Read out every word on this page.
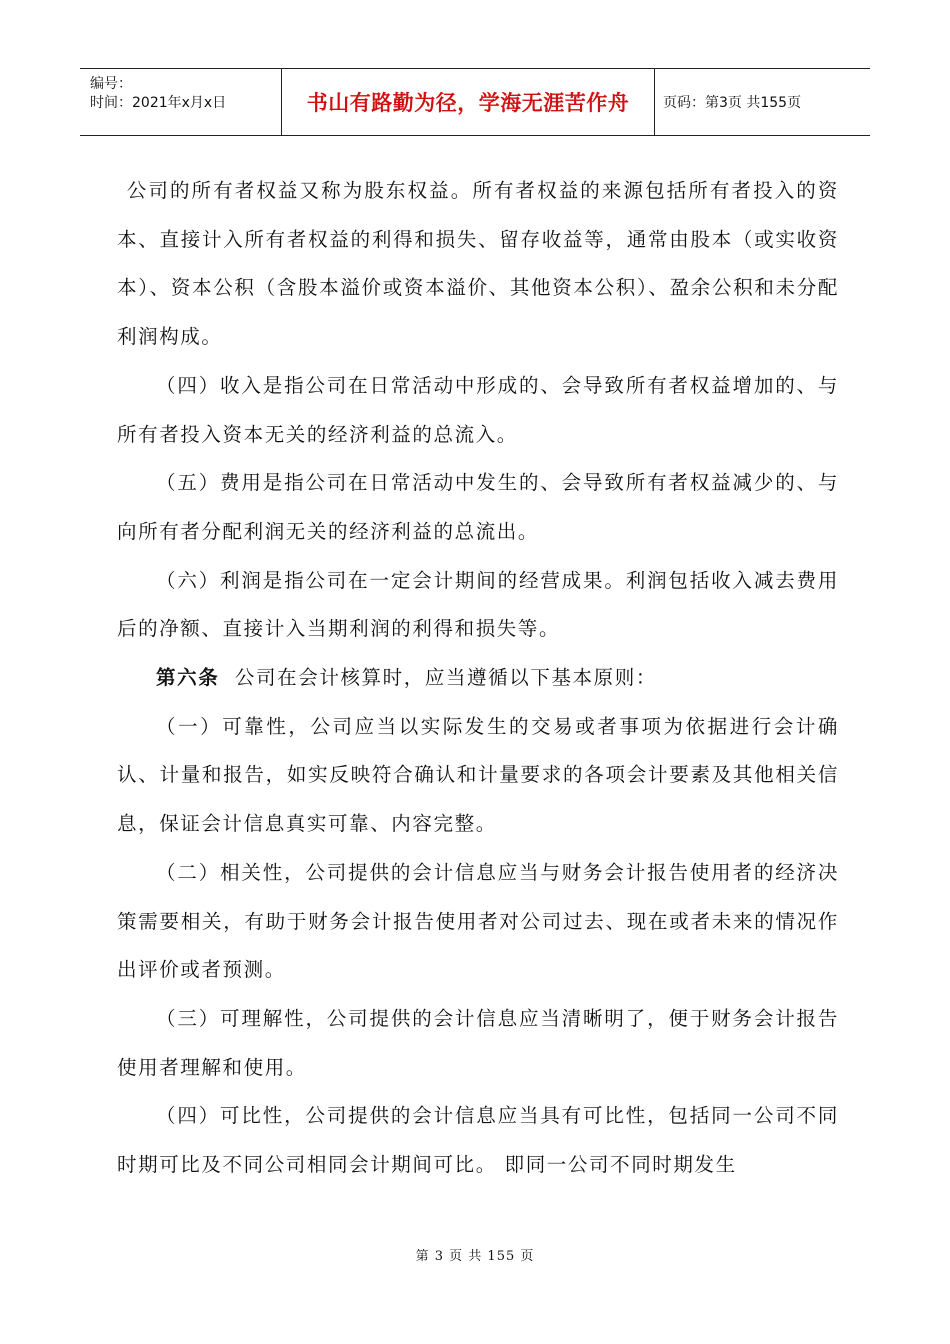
编号：
时间：2021年x月x日	书山有路勤为径，学海无涯苦作舟 页码：第3页 共155页

公司的所有者权益又称为股东权益。所有者权益的来源包括所有者投入的资本、直接计入所有者权益的利得和损失、留存收益等，通常由股本（或实收资本）、资本公积（含股本溢价或资本溢价、其他资本公积）、盈余公积和未分配利润构成。

（四）收入是指公司在日常活动中形成的、会导致所有者权益增加的、与所有者投入资本无关的经济利益的总流入。

（五）费用是指公司在日常活动中发生的、会导致所有者权益减少的、与向所有者分配利润无关的经济利益的总流出。

（六）利润是指公司在一定会计期间的经营成果。利润包括收入减去费用后的净额、直接计入当期利润的利得和损失等。

第六条 公司在会计核算时，应当遵循以下基本原则：

（一）可靠性，公司应当以实际发生的交易或者事项为依据进行会计确认、计量和报告，如实反映符合确认和计量要求的各项会计要素及其他相关信息，保证会计信息真实可靠、内容完整。

（二）相关性，公司提供的会计信息应当与财务会计报告使用者的经济决策需要相关，有助于财务会计报告使用者对公司过去、现在或者未来的情况作出评价或者预测。

（三）可理解性，公司提供的会计信息应当清晰明了，便于财务会计报告使用者理解和使用。

（四）可比性，公司提供的会计信息应当具有可比性，包括同一公司不同时期可比及不同公司相同会计期间可比。 即同一公司不同时期发生

第 3 页 共 155 页
